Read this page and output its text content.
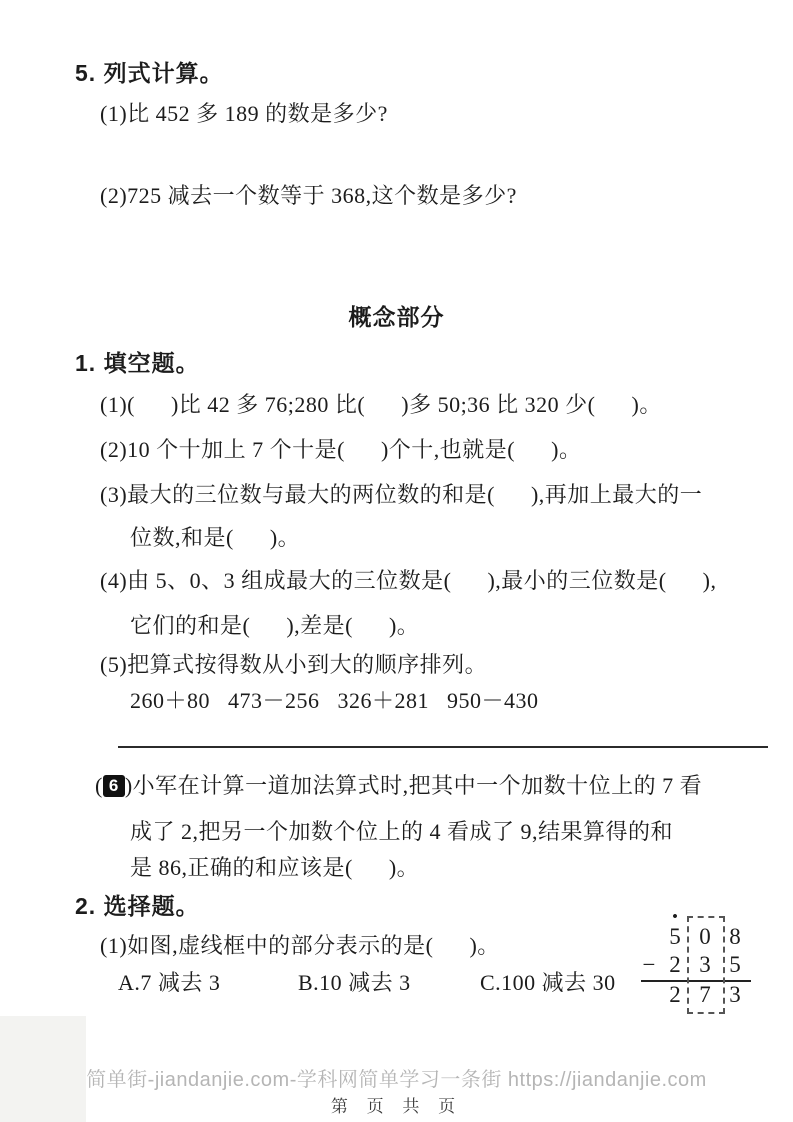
5. 列式计算。
(1)比 452 多 189 的数是多少?
(2)725 减去一个数等于 368,这个数是多少?
概念部分
1. 填空题。
(1)(      )比 42 多 76;280 比(      )多 50;36 比 320 少(      )。
(2)10 个十加上 7 个十是(      )个十,也就是(      )。
(3)最大的三位数与最大的两位数的和是(      ),再加上最大的一
位数,和是(      )。
(4)由 5、0、3 组成最大的三位数是(      ),最小的三位数是(      ),
它们的和是(      ),差是(      )。
(5)把算式按得数从小到大的顺序排列。
260＋80   473－256   326＋281   950－430
( 6 )小军在计算一道加法算式时,把其中一个加数十位上的 7 看
成了 2,把另一个加数个位上的 4 看成了 9,结果算得的和
是 86,正确的和应该是(      )。
2. 选择题。
(1)如图,虚线框中的部分表示的是(      )。
A.7 减去 3	B.10 减去 3	C.100 减去 30
•
5 0 8
− 2 3 5
2 7 3
简单街-jiandanjie.com-学科网简单学习一条街 https://jiandanjie.com
第 页 共 页
